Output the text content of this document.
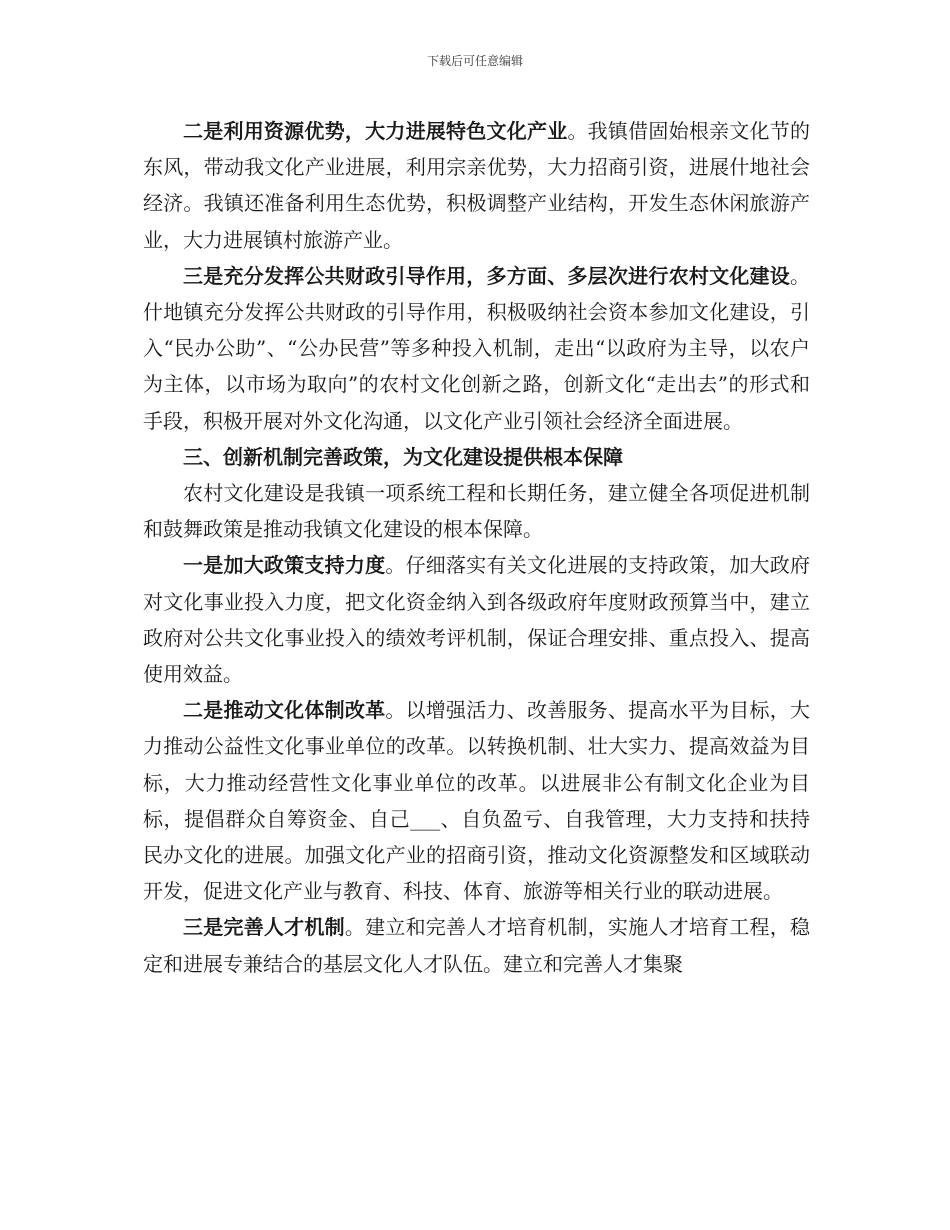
下载后可任意编辑

二是利用资源优势，大力进展特色文化产业。我镇借固始根亲文化节的东风，带动我文化产业进展，利用宗亲优势，大力招商引资，进展什地社会经济。我镇还准备利用生态优势，积极调整产业结构，开发生态休闲旅游产业，大力进展镇村旅游产业。

三是充分发挥公共财政引导作用，多方面、多层次进行农村文化建设。什地镇充分发挥公共财政的引导作用，积极吸纳社会资本参加文化建设，引入“民办公助”、“公办民营”等多种投入机制，走出“以政府为主导，以农户为主体，以市场为取向”的农村文化创新之路，创新文化“走出去”的形式和手段，积极开展对外文化沟通，以文化产业引领社会经济全面进展。

三、创新机制完善政策，为文化建设提供根本保障

农村文化建设是我镇一项系统工程和长期任务，建立健全各项促进机制和鼓舞政策是推动我镇文化建设的根本保障。

一是加大政策支持力度。仔细落实有关文化进展的支持政策，加大政府对文化事业投入力度，把文化资金纳入到各级政府年度财政预算当中，建立政府对公共文化事业投入的绩效考评机制，保证合理安排、重点投入、提高使用效益。

二是推动文化体制改革。以增强活力、改善服务、提高水平为目标，大力推动公益性文化事业单位的改革。以转换机制、壮大实力、提高效益为目标，大力推动经营性文化事业单位的改革。以进展非公有制文化企业为目标，提倡群众自筹资金、自己___、自负盈亏、自我管理，大力支持和扶持民办文化的进展。加强文化产业的招商引资，推动文化资源整发和区域联动开发，促进文化产业与教育、科技、体育、旅游等相关行业的联动进展。

三是完善人才机制。建立和完善人才培育机制，实施人才培育工程，稳定和进展专兼结合的基层文化人才队伍。建立和完善人才集聚
